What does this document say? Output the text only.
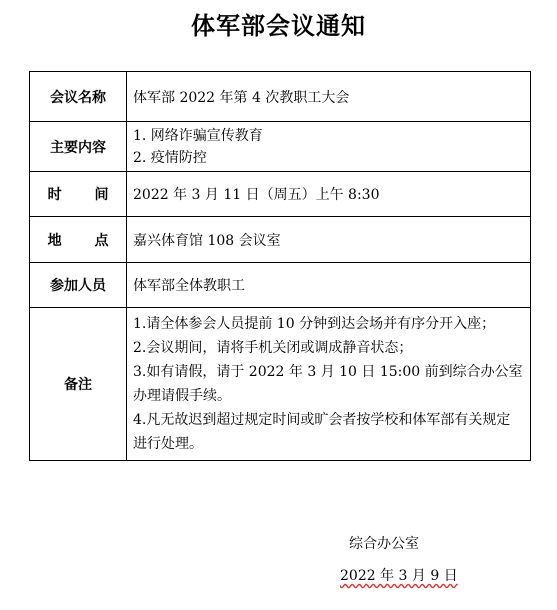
体军部会议通知
会议名称	体军部 2022 年第 4 次教职工大会
主要内容	1. 网络诈骗宣传教育
2. 疫情防控

时 间	2022 年 3 月 11 日（周五）上午 8:30
地 点	嘉兴体育馆 108 会议室
参加人员	体军部全体教职工
备注	1.请全体参会人员提前 10 分钟到达会场并有序分开入座；
2.会议期间，请将手机关闭或调成静音状态；
3.如有请假，请于 2022 年 3 月 10 日 15:00 前到综合办公室办理请假手续。
4.凡无故迟到超过规定时间或旷会者按学校和体军部有关规定进行处理。
综合办公室
2022 年 3 月 9 日
